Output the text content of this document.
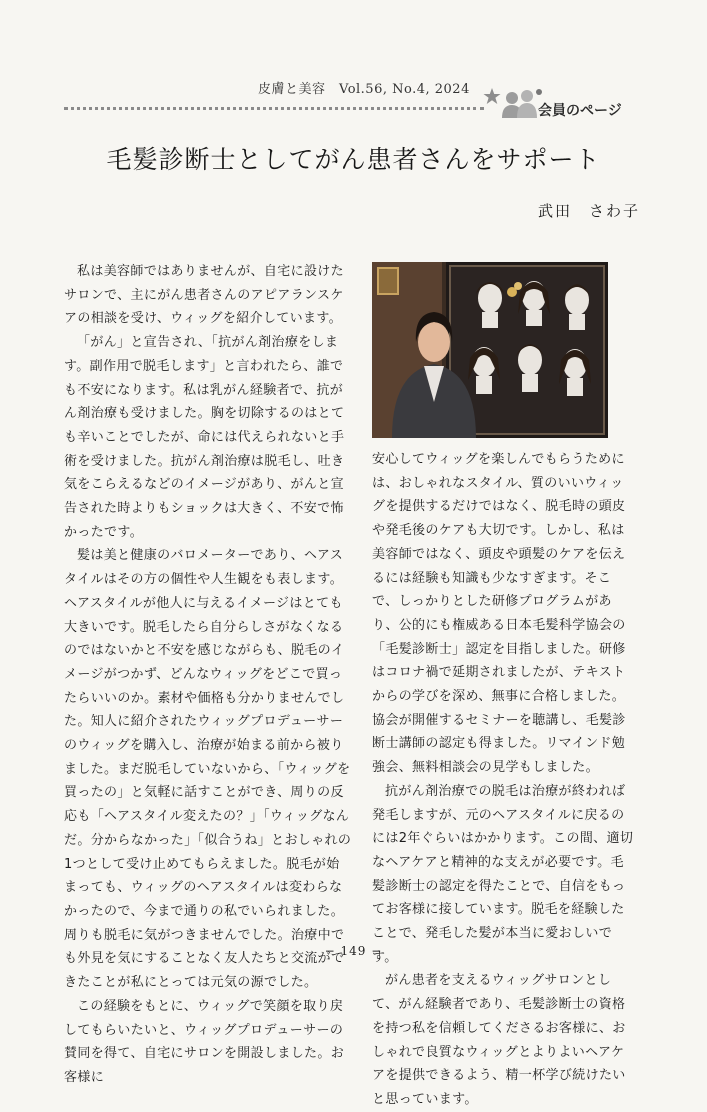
皮膚と美容　Vol.56, No.4, 2024
会員のページ
毛髪診断士としてがん患者さんをサポート
武田　さわ子

私は美容師ではありませんが、自宅に設けたサロンで、主にがん患者さんのアピアランスケアの相談を受け、ウィッグを紹介しています。

「がん」と宣告され、「抗がん剤治療をします。副作用で脱毛します」と言われたら、誰でも不安になります。私は乳がん経験者で、抗がん剤治療も受けました。胸を切除するのはとても辛いことでしたが、命には代えられないと手術を受けました。抗がん剤治療は脱毛し、吐き気をこらえるなどのイメージがあり、がんと宣告された時よりもショックは大きく、不安で怖かったです。

髪は美と健康のバロメーターであり、ヘアスタイルはその方の個性や人生観をも表します。ヘアスタイルが他人に与えるイメージはとても大きいです。脱毛したら自分らしさがなくなるのではないかと不安を感じながらも、脱毛のイメージがつかず、どんなウィッグをどこで買ったらいいのか。素材や価格も分かりませんでした。知人に紹介されたウィッグプロデューサーのウィッグを購入し、治療が始まる前から被りました。まだ脱毛していないから、「ウィッグを買ったの」と気軽に話すことができ、周りの反応も「ヘアスタイル変えたの？」「ウィッグなんだ。分からなかった」「似合うね」とおしゃれの1つとして受け止めてもらえました。脱毛が始まっても、ウィッグのヘアスタイルは変わらなかったので、今まで通りの私でいられました。周りも脱毛に気がつきませんでした。治療中でも外見を気にすることなく友人たちと交流ができたことが私にとっては元気の源でした。

この経験をもとに、ウィッグで笑顔を取り戻してもらいたいと、ウィッグプロデューサーの賛同を得て、自宅にサロンを開設しました。お客様に

安心してウィッグを楽しんでもらうためには、おしゃれなスタイル、質のいいウィッグを提供するだけではなく、脱毛時の頭皮や発毛後のケアも大切です。しかし、私は美容師ではなく、頭皮や頭髪のケアを伝えるには経験も知識も少なすぎます。そこで、しっかりとした研修プログラムがあり、公的にも権威ある日本毛髪科学協会の「毛髪診断士」認定を目指しました。研修はコロナ禍で延期されましたが、テキストからの学びを深め、無事に合格しました。協会が開催するセミナーを聴講し、毛髪診断士講師の認定も得ました。リマインド勉強会、無料相談会の見学もしました。

抗がん剤治療での脱毛は治療が終われば発毛しますが、元のヘアスタイルに戻るのには2年ぐらいはかかります。この間、適切なヘアケアと精神的な支えが必要です。毛髪診断士の認定を得たことで、自信をもってお客様に接しています。脱毛を経験したことで、発毛した髪が本当に愛おしいです。

がん患者を支えるウィッグサロンとして、がん経験者であり、毛髪診断士の資格を持つ私を信頼してくださるお客様に、おしゃれで良質なウィッグとよりよいヘアケアを提供できるよう、精一杯学び続けたいと思っています。

− 149 −
